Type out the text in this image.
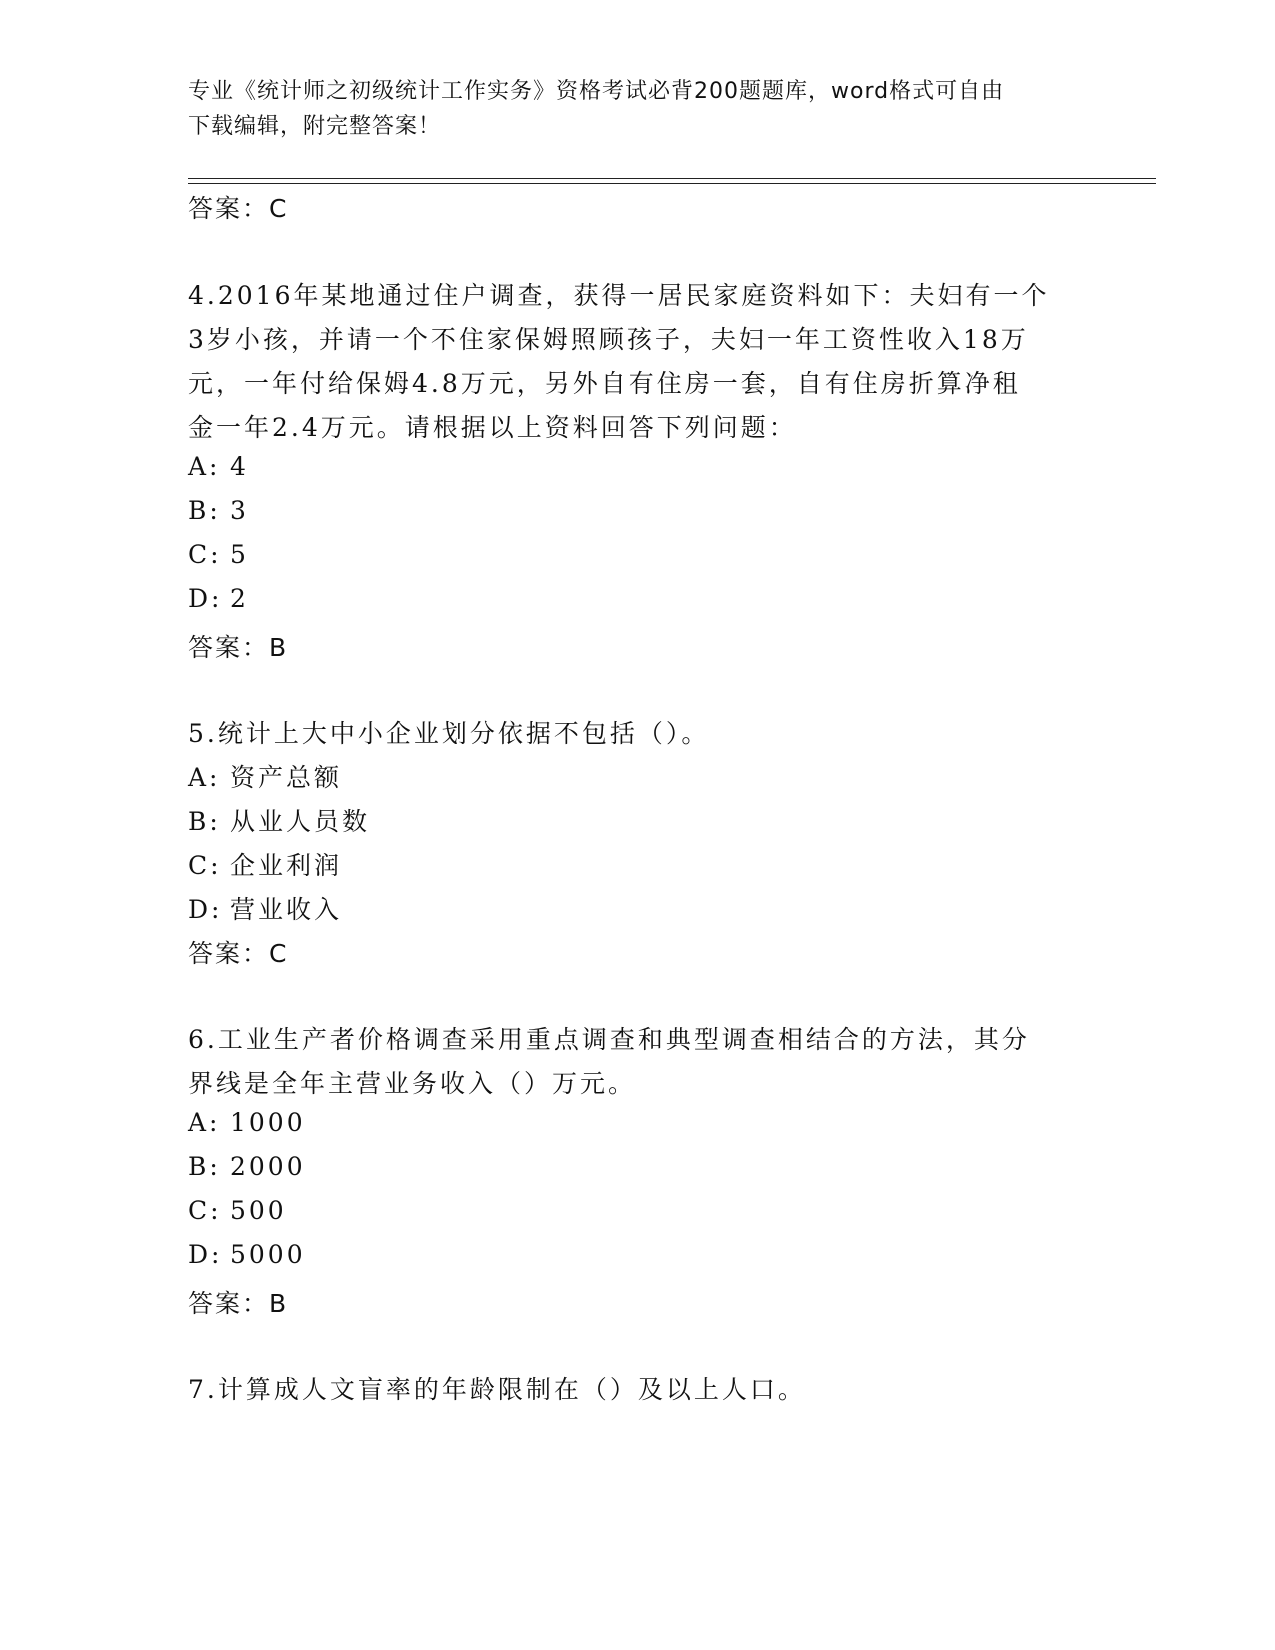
专业《统计师之初级统计工作实务》资格考试必背200题题库，word格式可自由
下载编辑，附完整答案！
答案：C
4.2016年某地通过住户调查，获得一居民家庭资料如下：夫妇有一个
3岁小孩，并请一个不住家保姆照顾孩子，夫妇一年工资性收入18万
元，一年付给保姆4.8万元，另外自有住房一套，自有住房折算净租
金一年2.4万元。请根据以上资料回答下列问题：
A: 4
B: 3
C: 5
D: 2
答案：B
5.统计上大中小企业划分依据不包括（）。
A: 资产总额
B: 从业人员数
C: 企业利润
D: 营业收入
答案：C
6.工业生产者价格调查采用重点调查和典型调查相结合的方法，其分
界线是全年主营业务收入（）万元。
A: 1000
B: 2000
C: 500
D: 5000
答案：B
7.计算成人文盲率的年龄限制在（）及以上人口。
